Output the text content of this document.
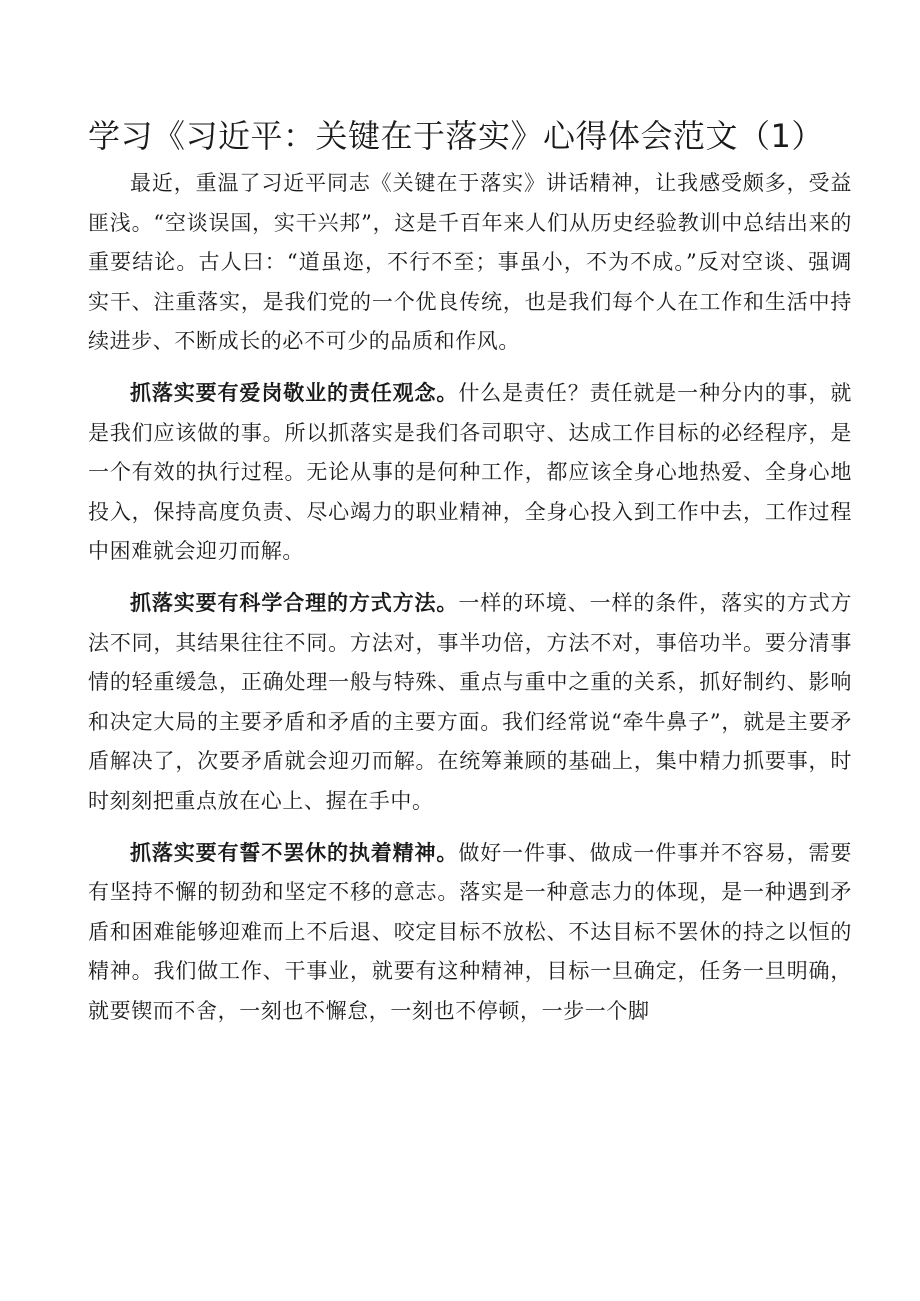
学习《习近平：关键在于落实》心得体会范文（1）

最近，重温了习近平同志《关键在于落实》讲话精神，让我感受颇多，受益匪浅。“空谈误国，实干兴邦”，这是千百年来人们从历史经验教训中总结出来的重要结论。古人曰：“道虽迩，不行不至；事虽小，不为不成。”反对空谈、强调实干、注重落实，是我们党的一个优良传统，也是我们每个人在工作和生活中持续进步、不断成长的必不可少的品质和作风。

抓落实要有爱岗敬业的责任观念。什么是责任？责任就是一种分内的事，就是我们应该做的事。所以抓落实是我们各司职守、达成工作目标的必经程序，是一个有效的执行过程。无论从事的是何种工作，都应该全身心地热爱、全身心地投入，保持高度负责、尽心竭力的职业精神，全身心投入到工作中去，工作过程中困难就会迎刃而解。

抓落实要有科学合理的方式方法。一样的环境、一样的条件，落实的方式方法不同，其结果往往不同。方法对，事半功倍，方法不对，事倍功半。要分清事情的轻重缓急，正确处理一般与特殊、重点与重中之重的关系，抓好制约、影响和决定大局的主要矛盾和矛盾的主要方面。我们经常说“牵牛鼻子”，就是主要矛盾解决了，次要矛盾就会迎刃而解。在统筹兼顾的基础上，集中精力抓要事，时时刻刻把重点放在心上、握在手中。

抓落实要有誓不罢休的执着精神。做好一件事、做成一件事并不容易，需要有坚持不懈的韧劲和坚定不移的意志。落实是一种意志力的体现，是一种遇到矛盾和困难能够迎难而上不后退、咬定目标不放松、不达目标不罢休的持之以恒的精神。我们做工作、干事业，就要有这种精神，目标一旦确定，任务一旦明确，就要锲而不舍，一刻也不懈怠，一刻也不停顿，一步一个脚
